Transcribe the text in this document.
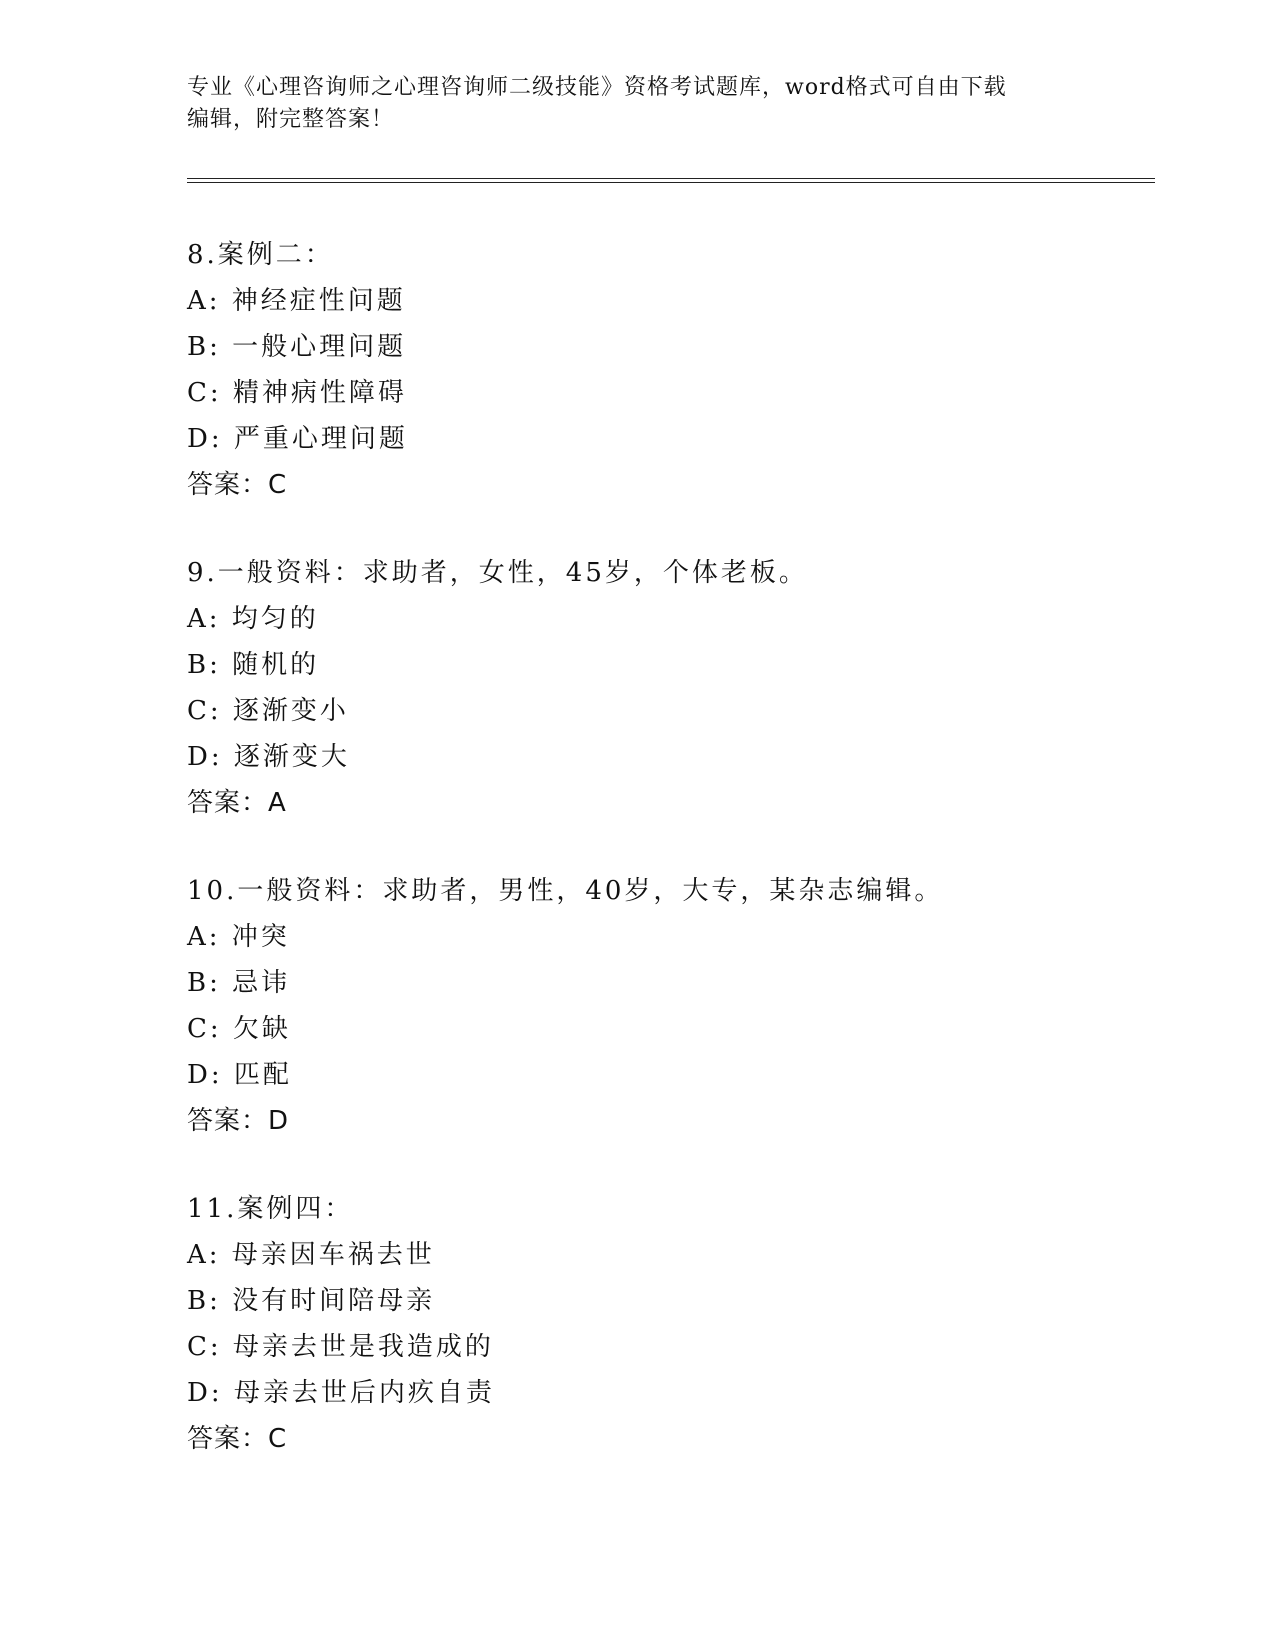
专业《心理咨询师之心理咨询师二级技能》资格考试题库，word格式可自由下载
编辑，附完整答案！
8.案例二：
A: 神经症性问题
B: 一般心理问题
C: 精神病性障碍
D: 严重心理问题
答案：C
9.一般资料：求助者，女性，45岁，个体老板。
A: 均匀的
B: 随机的
C: 逐渐变小
D: 逐渐变大
答案：A
10.一般资料：求助者，男性，40岁，大专，某杂志编辑。
A: 冲突
B: 忌讳
C: 欠缺
D: 匹配
答案：D
11.案例四：
A: 母亲因车祸去世
B: 没有时间陪母亲
C: 母亲去世是我造成的
D: 母亲去世后内疚自责
答案：C
